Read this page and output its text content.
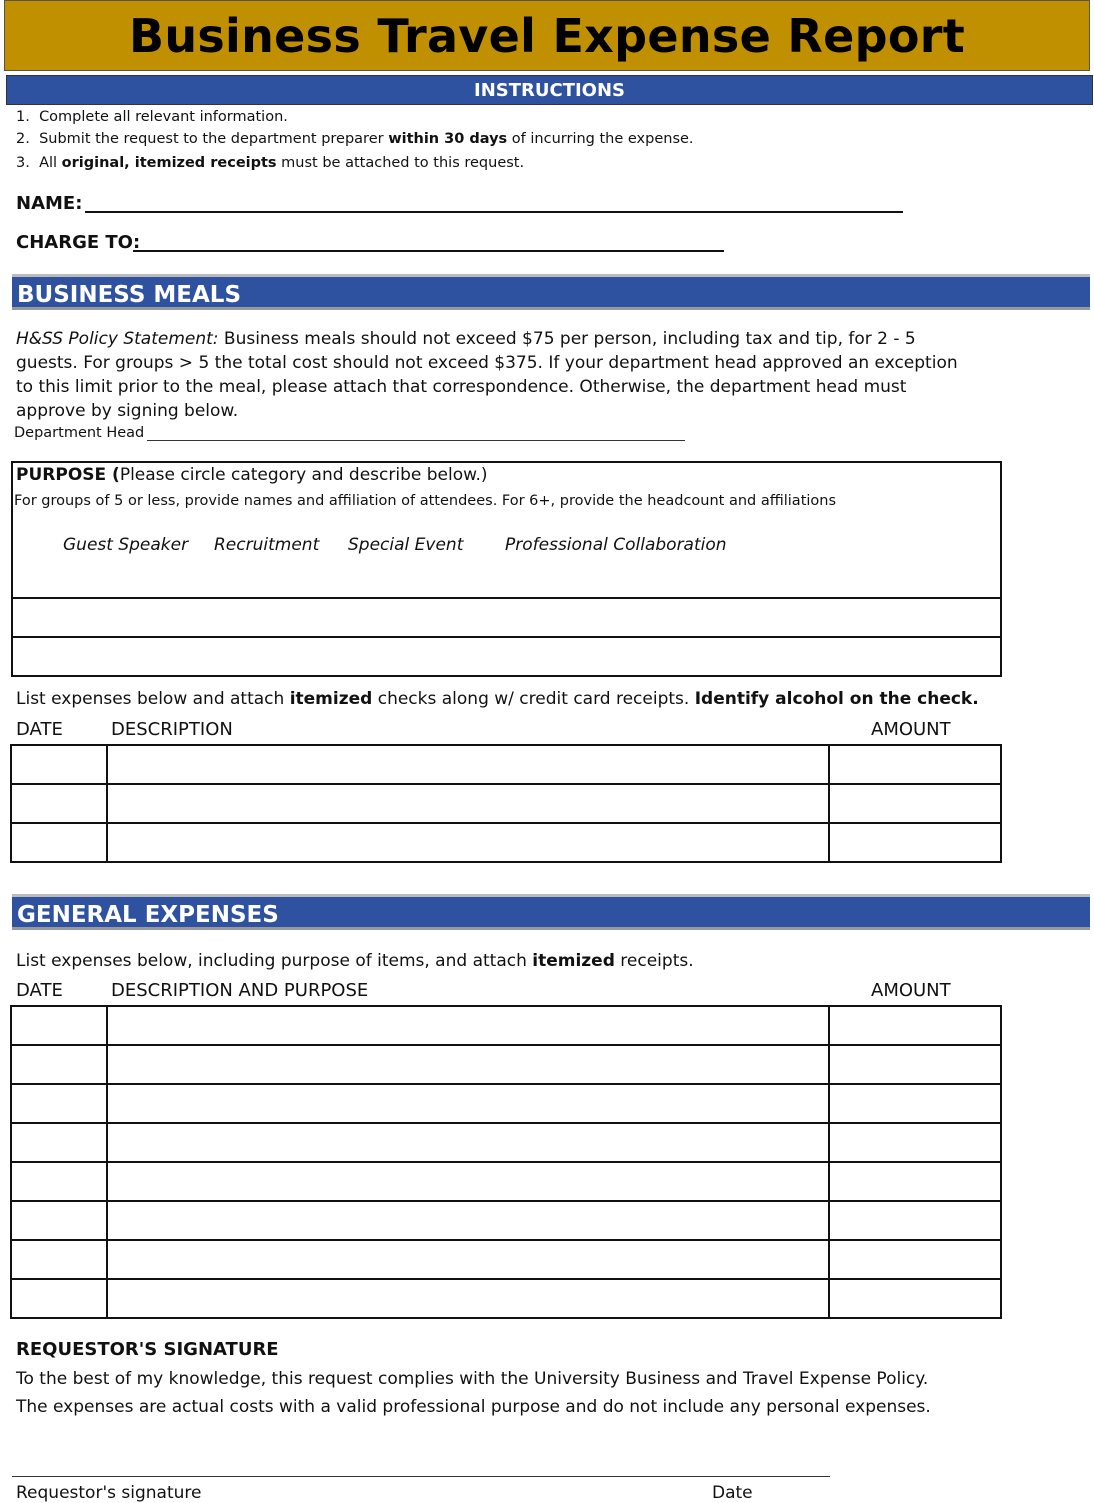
Business Travel Expense Report
INSTRUCTIONS
1. Complete all relevant information.
2. Submit the request to the department preparer within 30 days of incurring the expense.
3. All original, itemized receipts must be attached to this request.
NAME:
CHARGE TO:
BUSINESS MEALS
H&SS Policy Statement: Business meals should not exceed $75 per person, including tax and tip, for 2 - 5 guests. For groups > 5 the total cost should not exceed $375. If your department head approved an exception to this limit prior to the meal, please attach that correspondence. Otherwise, the department head must approve by signing below.
Department Head
PURPOSE (Please circle category and describe below.)
For groups of 5 or less, provide names and affiliation of attendees. For 6+, provide the headcount and affiliations
Guest Speaker Recruitment Special Event Professional Collaboration
List expenses below and attach itemized checks along w/ credit card receipts. Identify alcohol on the check.
DATE	DESCRIPTION	AMOUNT

GENERAL EXPENSES
List expenses below, including purpose of items, and attach itemized receipts.
DATE	DESCRIPTION AND PURPOSE	AMOUNT

REQUESTOR'S SIGNATURE
To the best of my knowledge, this request complies with the University Business and Travel Expense Policy.
The expenses are actual costs with a valid professional purpose and do not include any personal expenses.
Requestor's signature	Date
